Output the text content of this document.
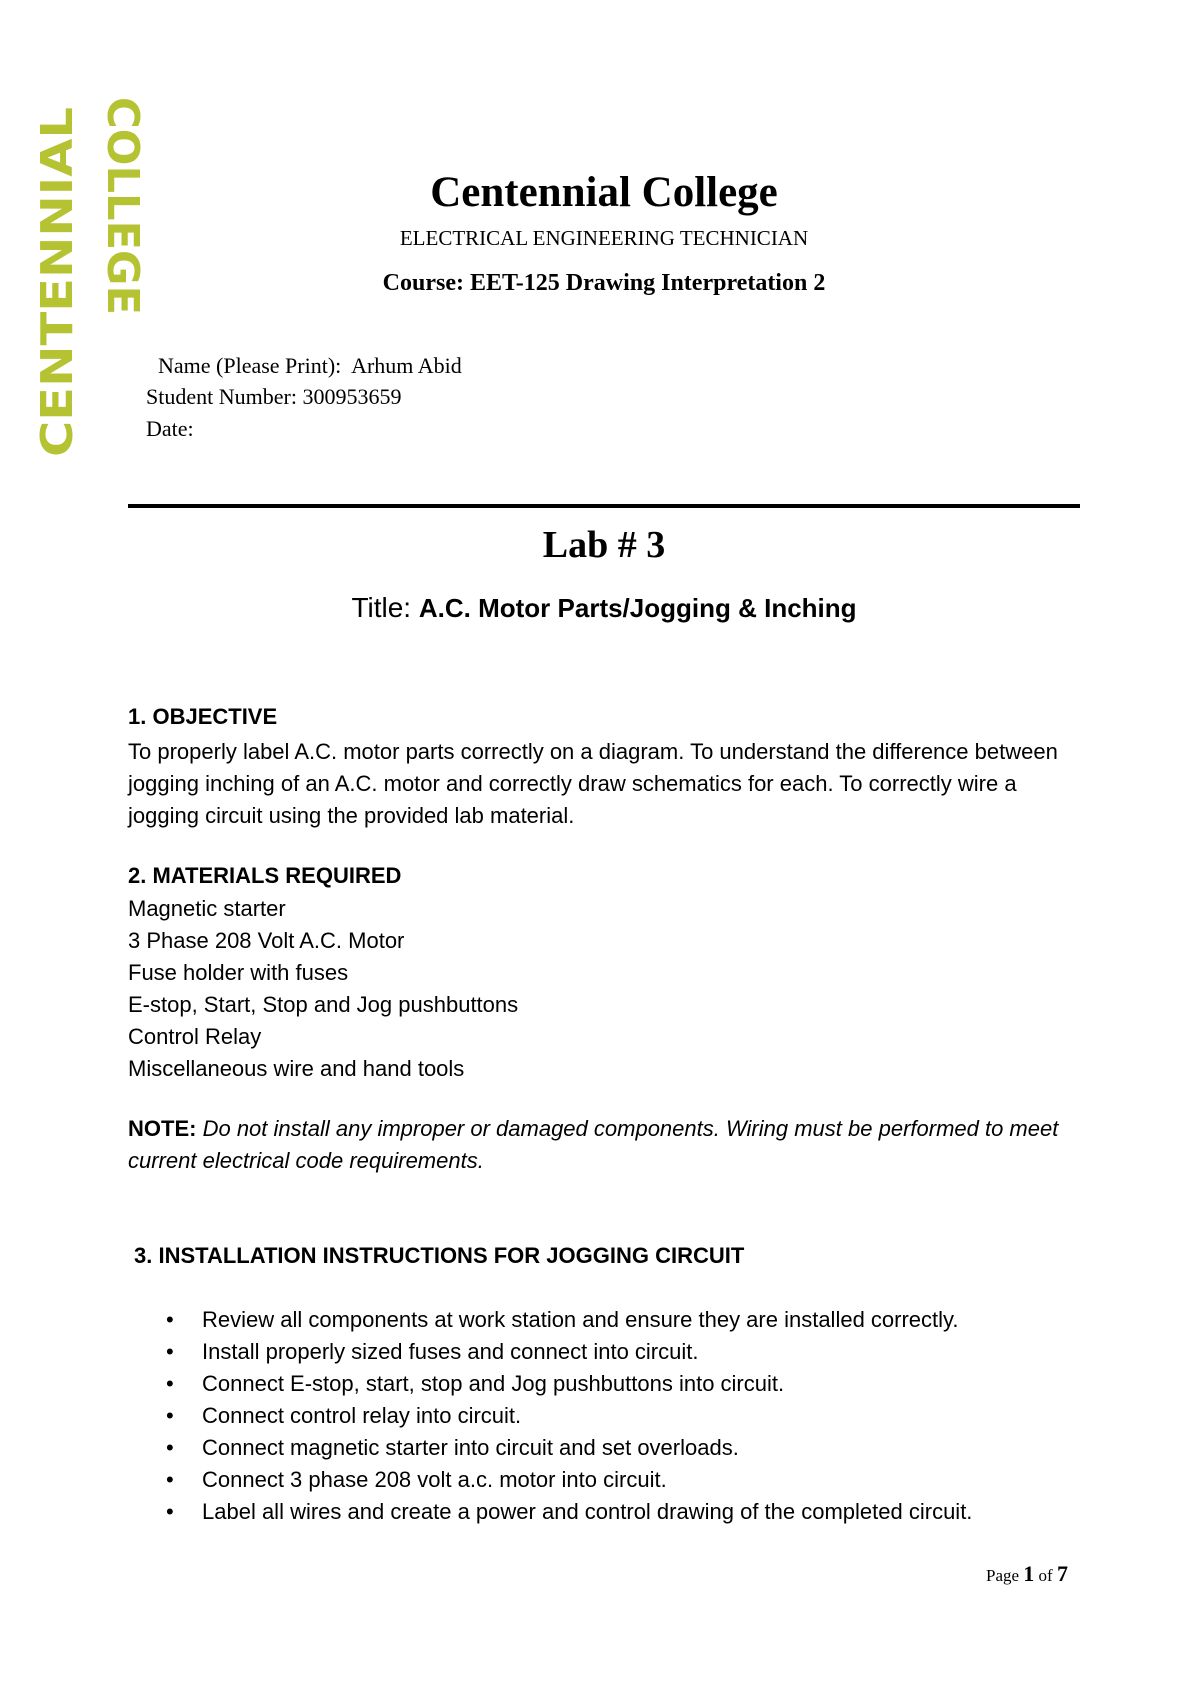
CENTENNIAL COLLEGE	Centennial College
ELECTRICAL ENGINEERING TECHNICIAN
Course: EET-125 Drawing Interpretation 2
Name (Please Print): Arhum Abid
Student Number: 300953659
Date:
Lab # 3
Title: A.C. Motor Parts/Jogging & Inching
1. OBJECTIVE
To properly label A.C. motor parts correctly on a diagram. To understand the difference between jogging inching of an A.C. motor and correctly draw schematics for each. To correctly wire a jogging circuit using the provided lab material.
2. MATERIALS REQUIRED
Magnetic starter
3 Phase 208 Volt A.C. Motor
Fuse holder with fuses
E-stop, Start, Stop and Jog pushbuttons
Control Relay
Miscellaneous wire and hand tools
NOTE: Do not install any improper or damaged components. Wiring must be performed to meet current electrical code requirements.
3. INSTALLATION INSTRUCTIONS FOR JOGGING CIRCUIT
• Review all components at work station and ensure they are installed correctly.
• Install properly sized fuses and connect into circuit.
• Connect E-stop, start, stop and Jog pushbuttons into circuit.
• Connect control relay into circuit.
• Connect magnetic starter into circuit and set overloads.
• Connect 3 phase 208 volt a.c. motor into circuit.
• Label all wires and create a power and control drawing of the completed circuit.
Page 1 of 7
